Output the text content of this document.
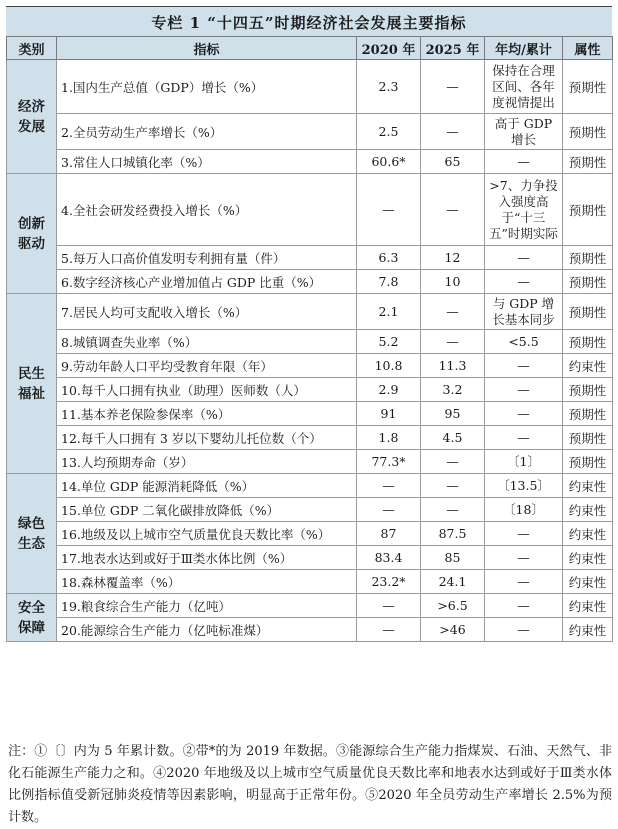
专栏 1 “十四五”时期经济社会发展主要指标
类别	指标	2020 年	2025 年	年均/累计	属性

经济发展	1.国内生产总值（GDP）增长（%）	2.3	—	保持在合理区间、各年度视情提出	预期性
	2.全员劳动生产率增长（%）	2.5	—	高于 GDP 增长	预期性
	3.常住人口城镇化率（%）	60.6*	65	—	预期性

创新驱动	4.全社会研发经费投入增长（%）	—	—	>7、力争投入强度高于“十三五”时期实际	预期性
	5.每万人口高价值发明专利拥有量（件）	6.3	12	—	预期性
	6.数字经济核心产业增加值占 GDP 比重（%）	7.8	10	—	预期性

民生福祉	7.居民人均可支配收入增长（%）	2.1	—	与 GDP 增长基本同步	预期性
	8.城镇调查失业率（%）	5.2	—	<5.5	预期性
	9.劳动年龄人口平均受教育年限（年）	10.8	11.3	—	约束性
	10.每千人口拥有执业（助理）医师数（人）	2.9	3.2	—	预期性
	11.基本养老保险参保率（%）	91	95	—	预期性
	12.每千人口拥有 3 岁以下婴幼儿托位数（个）	1.8	4.5	—	预期性
	13.人均预期寿命（岁）	77.3*	—	〔1〕	预期性

绿色生态	14.单位 GDP 能源消耗降低（%）	—	—	〔13.5〕	约束性
	15.单位 GDP 二氧化碳排放降低（%）	—	—	〔18〕	约束性
	16.地级及以上城市空气质量优良天数比率（%）	87	87.5	—	约束性
	17.地表水达到或好于Ⅲ类水体比例（%）	83.4	85	—	约束性
	18.森林覆盖率（%）	23.2*	24.1	—	约束性

安全保障	19.粮食综合生产能力（亿吨）	—	>6.5	—	约束性
	20.能源综合生产能力（亿吨标准煤）	—	>46	—	约束性
注：①〔〕内为 5 年累计数。②带*的为 2019 年数据。③能源综合生产能力指煤炭、石油、天然气、非化石能源生产能力之和。④2020 年地级及以上城市空气质量优良天数比率和地表水达到或好于Ⅲ类水体比例指标值受新冠肺炎疫情等因素影响，明显高于正常年份。⑤2020 年全员劳动生产率增长 2.5%为预计数。
